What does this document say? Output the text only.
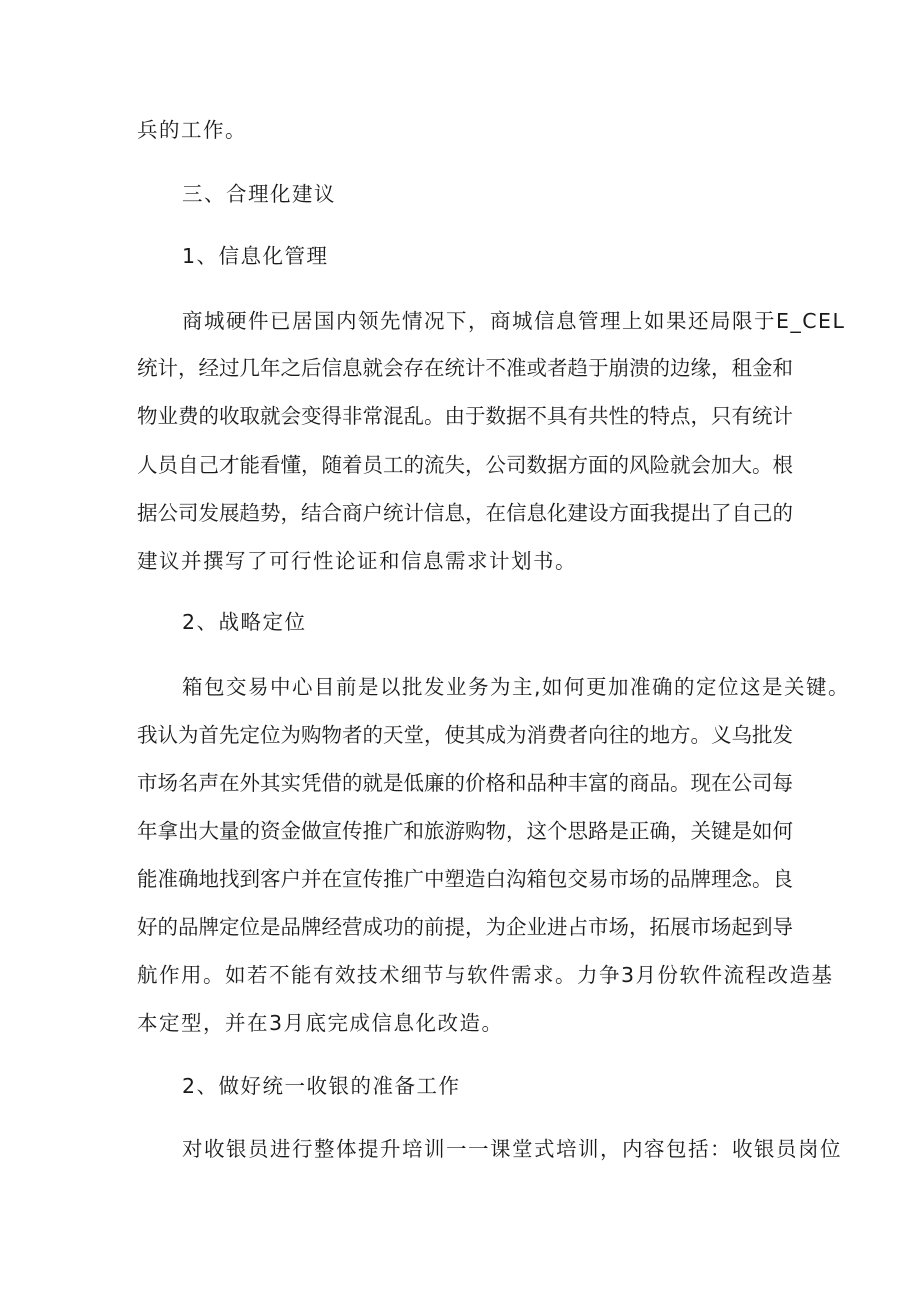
兵的工作。
三、合理化建议
1、信息化管理
商城硬件已居国内领先情况下，商城信息管理上如果还局限于E_CEL
统计，经过几年之后信息就会存在统计不准或者趋于崩溃的边缘，租金和
物业费的收取就会变得非常混乱。由于数据不具有共性的特点，只有统计
人员自己才能看懂，随着员工的流失，公司数据方面的风险就会加大。根
据公司发展趋势，结合商户统计信息，在信息化建设方面我提出了自己的
建议并撰写了可行性论证和信息需求计划书。
2、战略定位
箱包交易中心目前是以批发业务为主,如何更加准确的定位这是关键。
我认为首先定位为购物者的天堂，使其成为消费者向往的地方。义乌批发
市场名声在外其实凭借的就是低廉的价格和品种丰富的商品。现在公司每
年拿出大量的资金做宣传推广和旅游购物，这个思路是正确，关键是如何
能准确地找到客户并在宣传推广中塑造白沟箱包交易市场的品牌理念。良
好的品牌定位是品牌经营成功的前提，为企业进占市场，拓展市场起到导
航作用。如若不能有效技术细节与软件需求。力争3月份软件流程改造基
本定型，并在3月底完成信息化改造。
2、做好统一收银的准备工作
对收银员进行整体提升培训一一课堂式培训，内容包括：收银员岗位
